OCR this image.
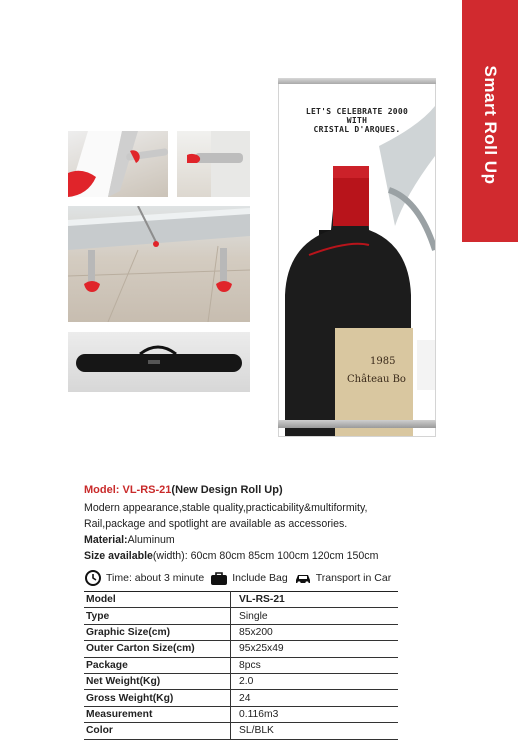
Smart Roll Up
LET'S CELEBRATE 2000
WITH
CRISTAL D'ARQUES.
1985
Château Bo
Model: VL-RS-21(New Design Roll Up)
Modern appearance,stable quality,practicability&multiformity,
Rail,package and spotlight are available as accessories.
Material:Aluminum
Size available(width): 60cm 80cm 85cm 100cm 120cm 150cm
Time: about 3 minute	Include Bag	Transport in Car
Model	VL-RS-21
Type	Single
Graphic Size(cm)	85x200
Outer Carton Size(cm)	95x25x49
Package	8pcs
Net Weight(Kg)	2.0
Gross Weight(Kg)	24
Measurement	0.116m3
Color	SL/BLK
